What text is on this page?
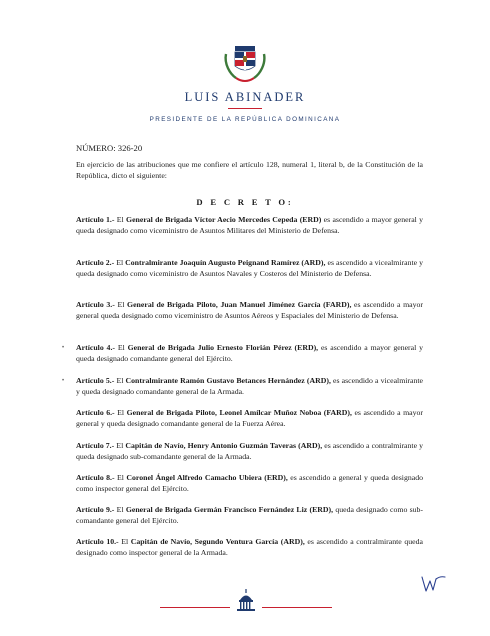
LUIS ABINADER
PRESIDENTE DE LA REPÚBLICA DOMINICANA
NÚMERO: 326-20
En ejercicio de las atribuciones que me confiere el artículo 128, numeral 1, literal b, de la Constitución de la República, dicto el siguiente:
D E C R E T O:
Artículo 1.- El General de Brigada Víctor Aecio Mercedes Cepeda (ERD) es ascendido a mayor general y queda designado como viceministro de Asuntos Militares del Ministerio de Defensa.
Artículo 2.- El Contralmirante Joaquín Augusto Peignand Ramírez (ARD), es ascendido a vicealmirante y queda designado como viceministro de Asuntos Navales y Costeros del Ministerio de Defensa.
Artículo 3.- El General de Brigada Piloto, Juan Manuel Jiménez García (FARD), es ascendido a mayor general queda designado como viceministro de Asuntos Aéreos y Espaciales del Ministerio de Defensa.
• Artículo 4.- El General de Brigada Julio Ernesto Florián Pérez (ERD), es ascendido a mayor general y queda designado comandante general del Ejército.
• Artículo 5.- El Contralmirante Ramón Gustavo Betances Hernández (ARD), es ascendido a vicealmirante y queda designado comandante general de la Armada.
Artículo 6.- El General de Brigada Piloto, Leonel Amílcar Muñoz Noboa (FARD), es ascendido a mayor general y queda designado comandante general de la Fuerza Aérea.
Artículo 7.- El Capitán de Navío, Henry Antonio Guzmán Taveras (ARD), es ascendido a contralmirante y queda designado sub-comandante general de la Armada.
Artículo 8.- El Coronel Ángel Alfredo Camacho Ubiera (ERD), es ascendido a general y queda designado como inspector general del Ejército.
Artículo 9.- El General de Brigada Germán Francisco Fernández Liz (ERD), queda designado como sub-comandante general del Ejército.
Artículo 10.- El Capitán de Navío, Segundo Ventura García (ARD), es ascendido a contralmirante queda designado como inspector general de la Armada.
